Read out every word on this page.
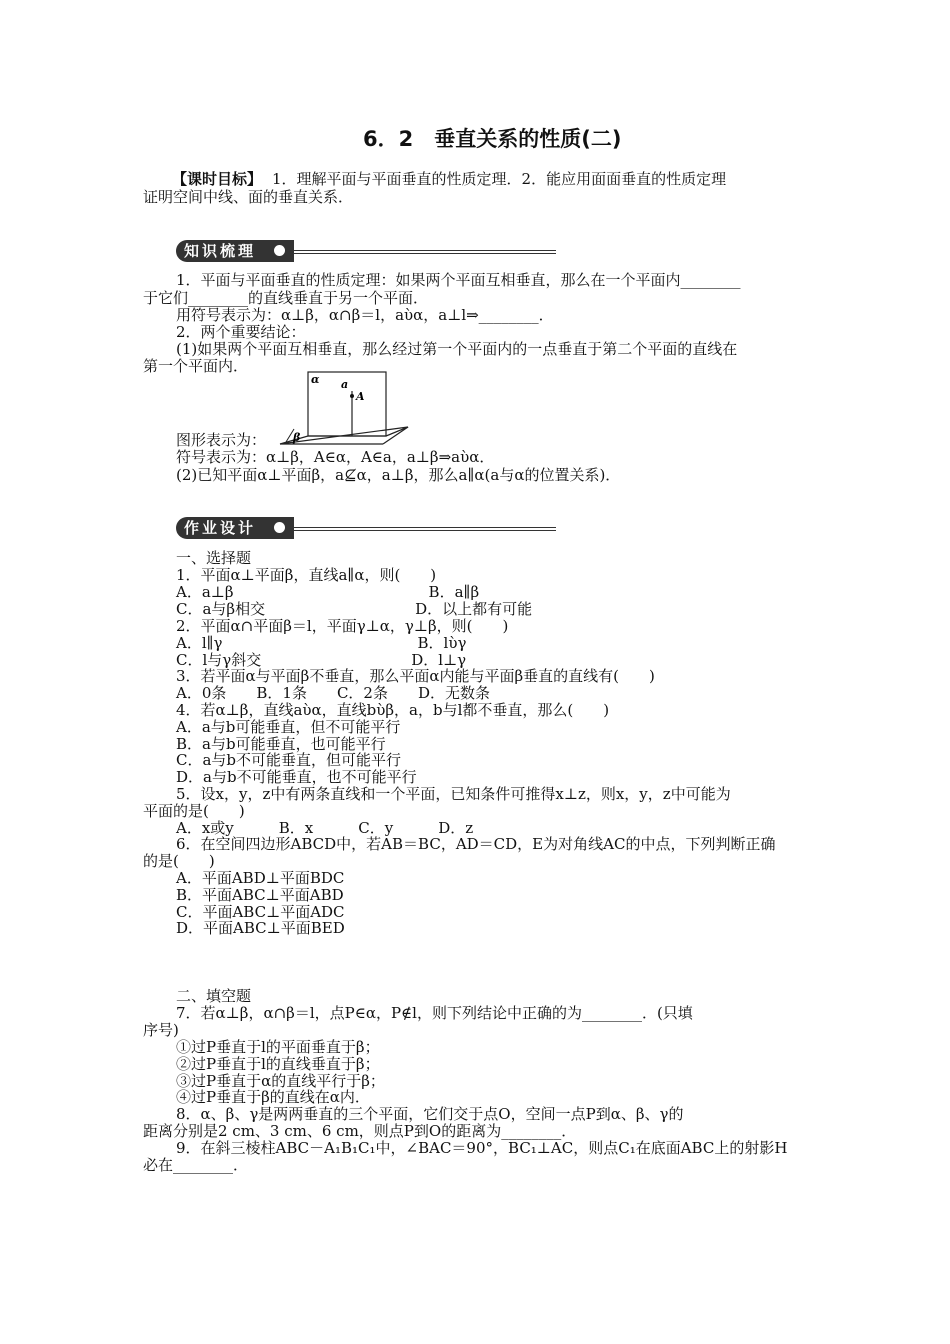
6．2　垂直关系的性质(二)
【课时目标】 1．理解平面与平面垂直的性质定理．2．能应用面面垂直的性质定理
证明空间中线、面的垂直关系．
知识梳理
1．平面与平面垂直的性质定理：如果两个平面互相垂直，那么在一个平面内________
于它们________的直线垂直于另一个平面．
用符号表示为：α⊥β，α∩β＝l，aὺα，a⊥l⇒________．
2．两个重要结论：
(1)如果两个平面互相垂直，那么经过第一个平面内的一点垂直于第二个平面的直线在
第一个平面内．
α a
A
β
图形表示为：
符号表示为：α⊥β，A∈α，A∈a，a⊥β⇒aὺα．
(2)已知平面α⊥平面β，a⊈α，a⊥β，那么a∥α(a与α的位置关系)．
作业设计
一、选择题
1．平面α⊥平面β，直线a∥α，则(　　)
A．a⊥β　　　　　　　　　　　　　B．a∥β
C．a与β相交　　　　　　　　　　D．以上都有可能
2．平面α∩平面β＝l，平面γ⊥α，γ⊥β，则(　　)
A．l∥γ　　　　　　　　　　　　　B．lὺγ
C．l与γ斜交　　　　　　　　　　D．l⊥γ
3．若平面α与平面β不垂直，那么平面α内能与平面β垂直的直线有(　　)
A．0条　　B．1条　　C．2条　　D．无数条
4．若α⊥β，直线aὺα，直线bὺβ，a，b与l都不垂直，那么(　　)
A．a与b可能垂直，但不可能平行
B．a与b可能垂直，也可能平行
C．a与b不可能垂直，但可能平行
D．a与b不可能垂直，也不可能平行
5．设x，y，z中有两条直线和一个平面，已知条件可推得x⊥z，则x，y，z中可能为
平面的是(　　)
A．x或y　　　B．x　　　C．y　　　D．z
6．在空间四边形ABCD中，若AB＝BC，AD＝CD，E为对角线AC的中点，下列判断正确
的是(　　)
A．平面ABD⊥平面BDC
B．平面ABC⊥平面ABD
C．平面ABC⊥平面ADC
D．平面ABC⊥平面BED
二、填空题
7．若α⊥β，α∩β＝l，点P∈α，P∉l，则下列结论中正确的为________．(只填
序号)
①过P垂直于l的平面垂直于β；
②过P垂直于l的直线垂直于β；
③过P垂直于α的直线平行于β；
④过P垂直于β的直线在α内．
8．α、β、γ是两两垂直的三个平面，它们交于点O，空间一点P到α、β、γ的
距离分别是2 cm、3 cm、6 cm，则点P到O的距离为________．
9．在斜三棱柱ABC－A₁B₁C₁中，∠BAC＝90°，BC₁⊥AC，则点C₁在底面ABC上的射影H
必在________．
